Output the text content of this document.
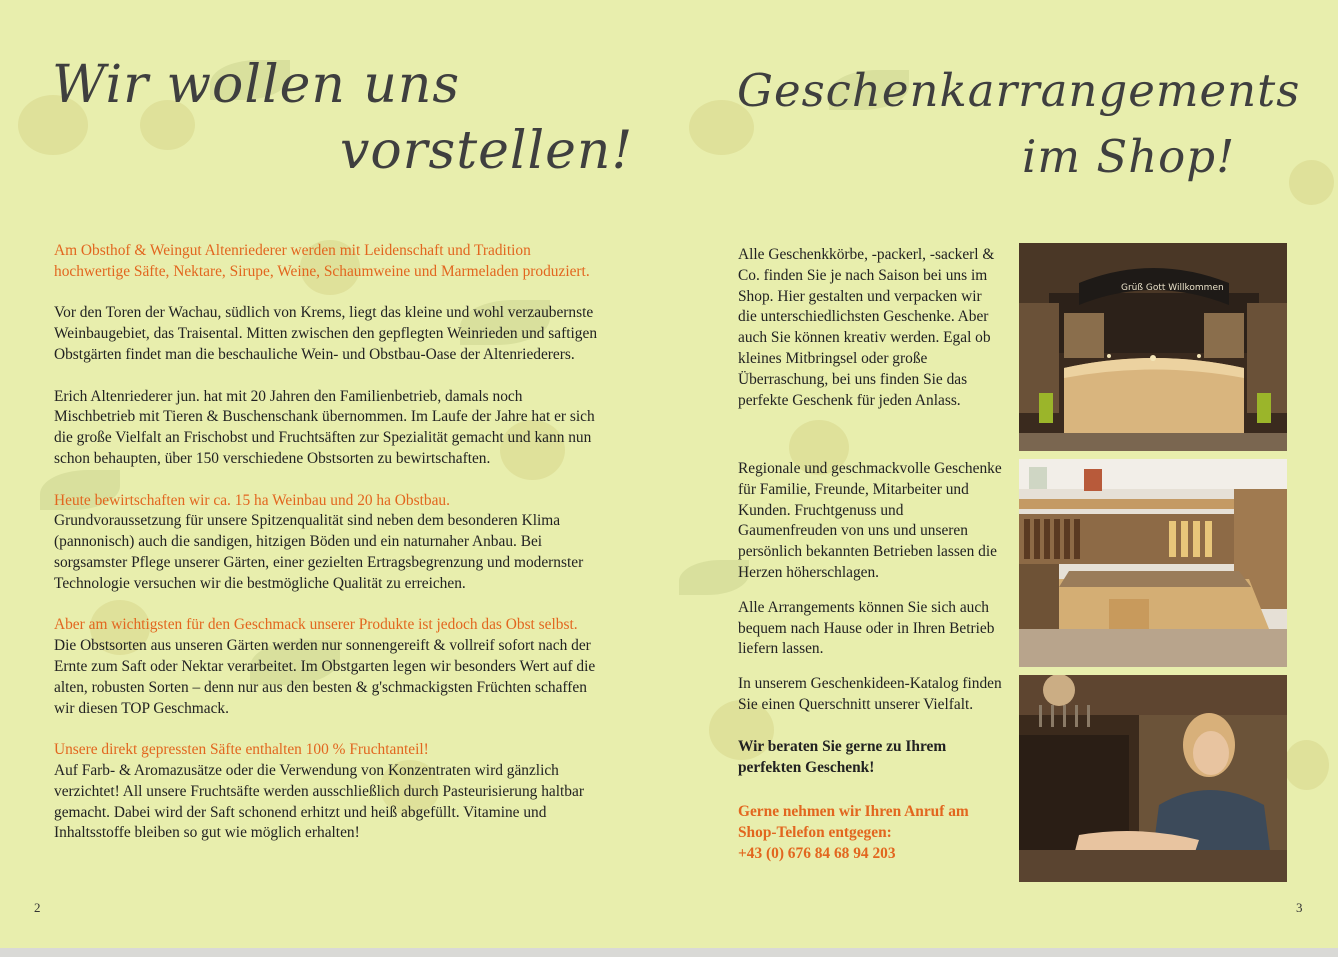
Wir wollen uns
vorstellen!

Am Obsthof & Weingut Altenriederer werden mit Leidenschaft und Tradition hochwertige Säfte, Nektare, Sirupe, Weine, Schaumweine und Marmeladen produziert.

Vor den Toren der Wachau, südlich von Krems, liegt das kleine und wohl verzaubernste Weinbaugebiet, das Traisental. Mitten zwischen den gepflegten Weinrieden und saftigen Obstgärten findet man die beschauliche Wein- und Obstbau-Oase der Altenriederers.

Erich Altenriederer jun. hat mit 20 Jahren den Familienbetrieb, damals noch Mischbetrieb mit Tieren & Buschenschank übernommen. Im Laufe der Jahre hat er sich die große Vielfalt an Frischobst und Fruchtsäften zur Spezialität gemacht und kann nun schon behaupten, über 150 verschiedene Obstsorten zu bewirtschaften.

Heute bewirtschaften wir ca. 15 ha Weinbau und 20 ha Obstbau.
Grundvoraussetzung für unsere Spitzenqualität sind neben dem besonderen Klima (pannonisch) auch die sandigen, hitzigen Böden und ein naturnaher Anbau. Bei sorgsamster Pflege unserer Gärten, einer gezielten Ertragsbegrenzung und modernster Technologie versuchen wir die bestmögliche Qualität zu erreichen.

Aber am wichtigsten für den Geschmack unserer Produkte ist jedoch das Obst selbst.
Die Obstsorten aus unseren Gärten werden nur sonnengereift & vollreif sofort nach der Ernte zum Saft oder Nektar verarbeitet. Im Obstgarten legen wir besonders Wert auf die alten, robusten Sorten – denn nur aus den besten & g'schmackigsten Früchten schaffen wir diesen TOP Geschmack.

Unsere direkt gepressten Säfte enthalten 100 % Fruchtanteil!
Auf Farb- & Aromazusätze oder die Verwendung von Konzentraten wird gänzlich verzichtet! All unsere Fruchtsäfte werden ausschließlich durch Pasteurisierung haltbar gemacht. Dabei wird der Saft schonend erhitzt und heiß abgefüllt. Vitamine und Inhaltsstoffe bleiben so gut wie möglich erhalten!

2
Geschenkarrangements
im Shop!

Alle Geschenkkörbe, -packerl, -sackerl & Co. finden Sie je nach Saison bei uns im Shop. Hier gestalten und verpacken wir die unterschiedlichsten Geschenke. Aber auch Sie können kreativ werden. Egal ob kleines Mitbringsel oder große Überraschung, bei uns finden Sie das perfekte Geschenk für jeden Anlass.

Regionale und geschmackvolle Geschenke für Familie, Freunde, Mitarbeiter und Kunden. Fruchtgenuss und Gaumenfreuden von uns und unseren persönlich bekannten Betrieben lassen die Herzen höherschlagen.

Alle Arrangements können Sie sich auch bequem nach Hause oder in Ihren Betrieb liefern lassen.

In unserem Geschenkideen-Katalog finden Sie einen Querschnitt unserer Vielfalt.

Wir beraten Sie gerne zu Ihrem perfekten Geschenk!

Gerne nehmen wir Ihren Anruf am
Shop-Telefon entgegen:
+43 (0) 676 84 68 94 203

Grüß Gott Willkommen
3
